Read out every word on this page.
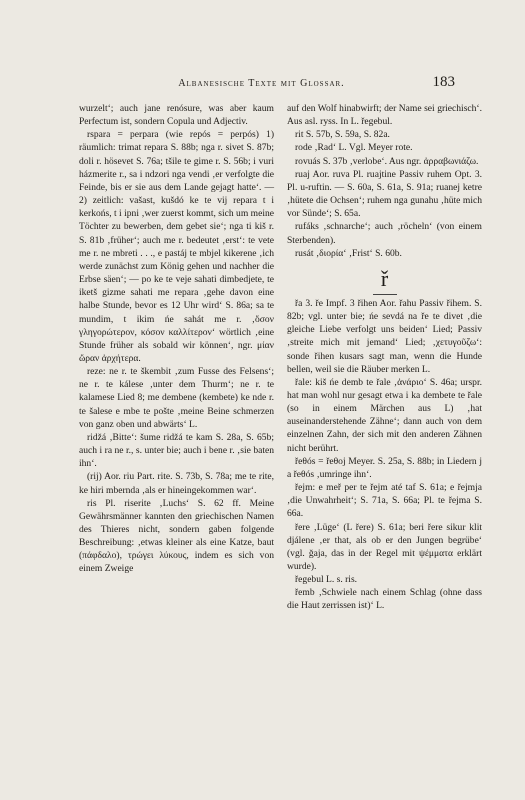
Albanesische Texte mit Glossar.	183

wurzelt‘; auch jane renósure, was aber kaum Perfectum ist, sondern Copula und Adjectiv.

rspara = perpara (wie repós = perpós) 1) räumlich: trimat repara S. 88b; nga r. sivet S. 87b; doli r. hösevet S. 76a; tšile te gime r. S. 56b; i vuri házmerite r., sa i ndzori nga vendi ‚er verfolgte die Feinde, bis er sie aus dem Lande gejagt hatte‘. — 2) zeitlich: vašast, kušdó ke te vij repara t i kerkońs, t i ipni ‚wer zuerst kommt, sich um meine Töchter zu bewerben, dem gebet sie‘; nga ti kiš r. S. 81b ‚früher‘; auch me r. bedeutet ‚erst‘: te vete me r. ne mbreti . . ., e pastáj te mbjel kikerene ‚ich werde zunächst zum König gehen und nachher die Erbse säen‘; — po ke te veje sahati dimbedjete, te iketš gizme sahati me repara ‚gehe davon eine halbe Stunde, bevor es 12 Uhr wird‘ S. 86a; sa te mundim, t ikim ńe sahát me r. ‚ὅσον γληγορώτερον, κόσον καλλίτερον‘ wörtlich ‚eine Stunde früher als sobald wir können‘, ngr. μίαν ὥραν ἀρχήτερα.

reze: ne r. te škembit ‚zum Fusse des Felsens‘; ne r. te kálese ‚unter dem Thurm‘; ne r. te kalamese Lied 8; me dembene (kembete) ke nde r. te šalese e mbe te pošte ‚meine Beine schmerzen von ganz oben und abwärts‘ L.

ridžá ‚Bitte‘: šume ridžá te kam S. 28a, S. 65b; auch i ra ne r., s. unter bie; auch i bene r. ‚sie baten ihn‘.

(rij) Aor. riu Part. rite. S. 73b, S. 78a; me te rite, ke hiri mbernda ‚als er hineingekommen war‘.

ris Pl. riserite ‚Luchs‘ S. 62 ff. Meine Gewährsmänner kannten den griechischen Namen des Thieres nicht, sondern gaben folgende Beschreibung: ‚etwas kleiner als eine Katze, baut (πάφδαλο), τρώγει λύκους, indem es sich von einem Zweige

auf den Wolf hinabwirft; der Name sei griechisch‘. Aus asl. ryss. In L. řegebul.

rit S. 57b, S. 59a, S. 82a.

rode ‚Rad‘ L. Vgl. Meyer rote.

rovuás S. 37b ‚verlobe‘. Aus ngr. ἀρραβωνιάζω.

ruaj Aor. ruva Pl. ruajtine Passiv ruhem Opt. 3. Pl. u-ruftin. — S. 60a, S. 61a, S. 91a; ruanej ketre ‚hütete die Ochsen‘; ruhem nga gunahu ‚hüte mich vor Sünde‘; S. 65a.

rufáks ‚schnarche‘; auch ‚röcheln‘ (von einem Sterbenden).

rusát ‚διορία‘ ‚Frist‘ S. 60b.

ř

řa 3. ře Impf. 3 řihen Aor. řahu Passiv řihem. S. 82b; vgl. unter bie; ńe sevdá na ře te divet ‚die gleiche Liebe verfolgt uns beiden‘ Lied; Passiv ‚streite mich mit jemand‘ Lied; ‚χετυγοῦζω‘: sonde řihen kusars sagt man, wenn die Hunde bellen, weil sie die Räuber merken L.

řale: kiš ńe demb te řale ‚ἀνάριο‘ S. 46a; urspr. hat man wohl nur gesagt etwa i ka dembete te řale (so in einem Märchen aus L) ‚hat auseinanderstehende Zähne‘; dann auch von dem einzelnen Zahn, der sich mit den anderen Zähnen nicht berührt.

řeθós = řeθoj Meyer. S. 25a, S. 88b; in Liedern j a řeθós ‚umringe ihn‘.

řejm: e meř per te řejm até taf S. 61a; e řejmja ‚die Unwahrheit‘; S. 71a, S. 66a; Pl. te řejma S. 66a.

řere ‚Lüge‘ (L řere) S. 61a; beri řere sikur klit djálene ‚er that, als ob er den Jungen begrübe‘ (vgl. ğaja, das in der Regel mit ψέμματα erklärt wurde).

řegebul L. s. ris.

řemb ‚Schwiele nach einem Schlag (ohne dass die Haut zerrissen ist)‘ L.
